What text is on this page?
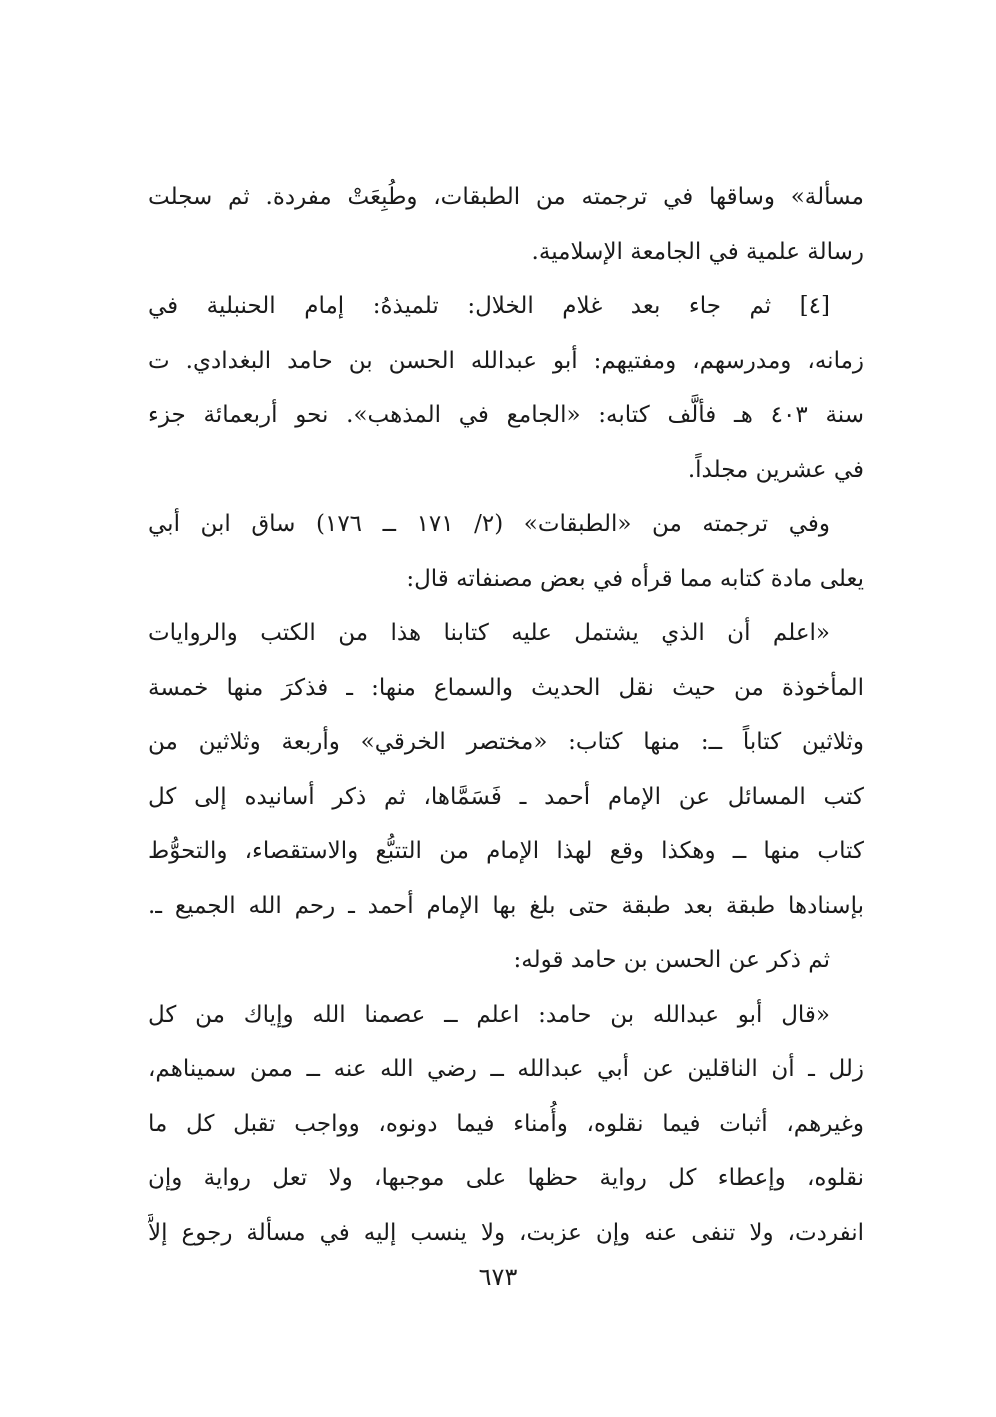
مسألة» وساقها في ترجمته من الطبقات، وطُبِعَتْ مفردة. ثم سجلت
رسالة علمية في الجامعة الإسلامية.
[٤] ثم جاء بعد غلام الخلال: تلميذهُ: إمام الحنبلية في
زمانه، ومدرسهم، ومفتيهم: أبو عبدالله الحسن بن حامد البغدادي. ت
سنة ٤٠٣ هـ فألَّف كتابه: «الجامع في المذهب». نحو أربعمائة جزء
في عشرين مجلداً.
وفي ترجمته من «الطبقات» (٢/ ١٧١ ــ ١٧٦) ساق ابن أبي
يعلى مادة كتابه مما قرأه في بعض مصنفاته قال:
«اعلم أن الذي يشتمل عليه كتابنا هذا من الكتب والروايات
المأخوذة من حيث نقل الحديث والسماع منها: ـ فذكرَ منها خمسة
وثلاثين كتاباً ــ: منها كتاب: «مختصر الخرقي» وأربعة وثلاثين من
كتب المسائل عن الإمام أحمد ـ فَسَمَّاها، ثم ذكر أسانيده إلى كل
كتاب منها ــ وهكذا وقع لهذا الإمام من التتبُّع والاستقصاء، والتحوُّط
بإسنادها طبقة بعد طبقة حتى بلغ بها الإمام أحمد ـ رحم الله الجميع ـ.
ثم ذكر عن الحسن بن حامد قوله:
«قال أبو عبدالله بن حامد: اعلم ــ عصمنا الله وإياك من كل
زلل ـ أن الناقلين عن أبي عبدالله ــ رضي الله عنه ــ ممن سميناهم،
وغيرهم، أثبات فيما نقلوه، وأُمناء فيما دونوه، وواجب تقبل كل ما
نقلوه، وإعطاء كل رواية حظها على موجبها، ولا تعل رواية وإن
انفردت، ولا تنفى عنه وإن عزبت، ولا ينسب إليه في مسألة رجوع إلاَّ
٦٧٣
